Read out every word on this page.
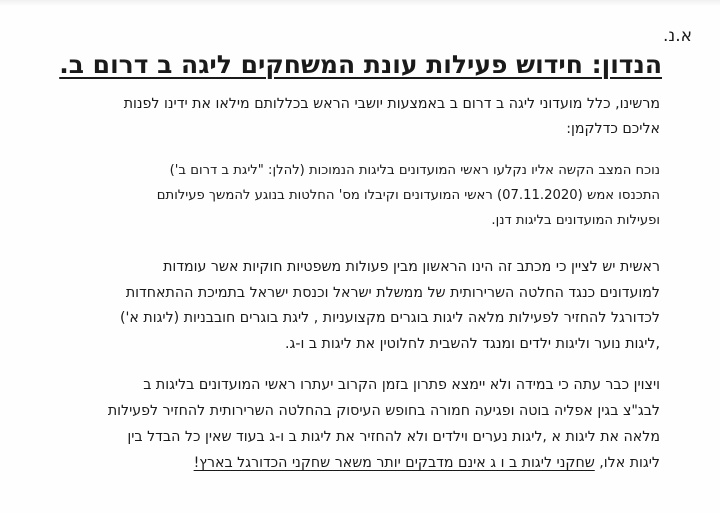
א.נ.
הנדון: חידוש פעילות עונת המשחקים ליגה ב דרום ב.
מרשינו, כלל מועדוני ליגה ב דרום ב באמצעות יושבי הראש בכללותם מילאו את ידינו לפנות
אליכם כדלקמן:
נוכח המצב הקשה אליו נקלעו ראשי המועדונים בליגות הנמוכות (להלן: "ליגת ב דרום ב')
התכנסו אמש (07.11.2020) ראשי המועדונים וקיבלו מס' החלטות בנוגע להמשך פעילותם
ופעילות המועדונים בליגות דנן.
ראשית יש לציין כי מכתב זה הינו הראשון מבין פעולות משפטיות חוקיות אשר עומדות
למועדונים כנגד החלטה השרירותית של ממשלת ישראל וכנסת ישראל בתמיכת ההתאחדות
לכדורגל להחזיר לפעילות מלאה ליגות בוגרים מקצועניות , ליגת בוגרים חובבניות (ליגות א')
,ליגות נוער וליגות ילדים ומנגד להשבית לחלוטין את ליגות ב ו-ג.
ויצוין כבר עתה כי במידה ולא יימצא פתרון בזמן הקרוב יעתרו ראשי המועדונים בליגות ב
לבג"צ בגין אפליה בוטה ופגיעה חמורה בחופש העיסוק בהחלטה השרירותית להחזיר לפעילות
מלאה את ליגות א ,ליגות נערים וילדים ולא להחזיר את ליגות ב ו-ג בעוד שאין כל הבדל בין
ליגות אלו, שחקני ליגות ב ו ג אינם מדבקים יותר משאר שחקני הכדורגל בארץ!
